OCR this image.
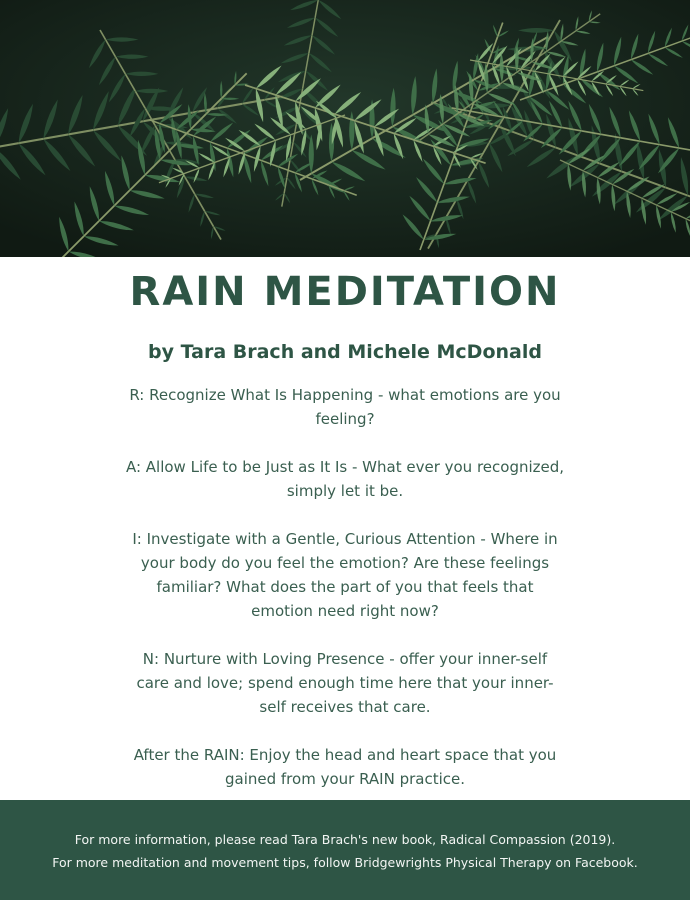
RAIN MEDITATION
by Tara Brach and Michele McDonald

R: Recognize What Is Happening - what emotions are you feeling?

A: Allow Life to be Just as It Is - What ever you recognized, simply let it be.

I: Investigate with a Gentle, Curious Attention - Where in your body do you feel the emotion? Are these feelings familiar? What does the part of you that feels that emotion need right now?

N: Nurture with Loving Presence - offer your inner-self care and love; spend enough time here that your inner-self receives that care.

After the RAIN: Enjoy the head and heart space that you gained from your RAIN practice.

For more information, please read Tara Brach's new book, Radical Compassion (2019).
For more meditation and movement tips, follow Bridgewrights Physical Therapy on Facebook.
